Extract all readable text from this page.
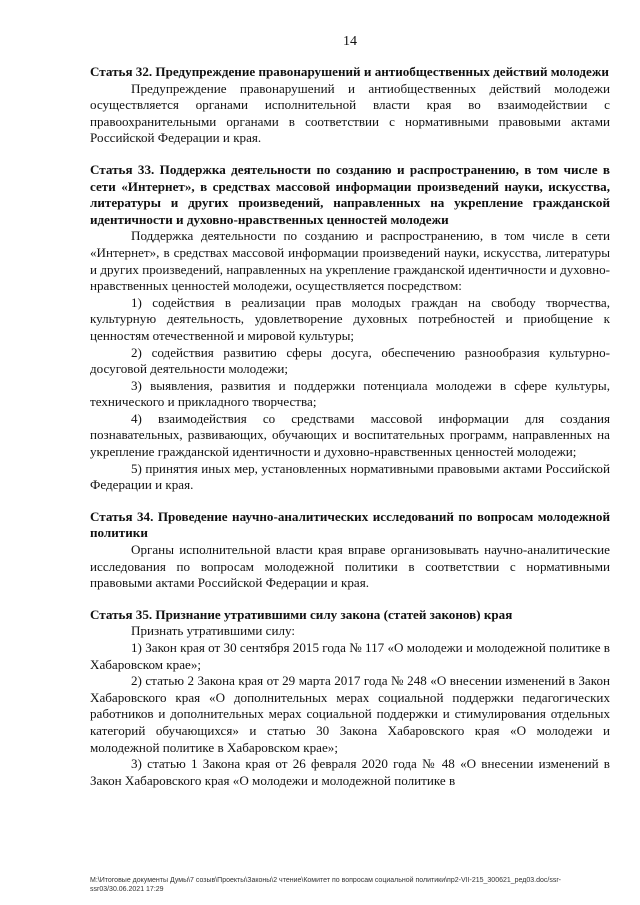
14
Статья 32. Предупреждение правонарушений и антиобщественных действий молодежи
Предупреждение правонарушений и антиобщественных действий молодежи осуществляется органами исполнительной власти края во взаимодействии с правоохранительными органами в соответствии с нормативными правовыми актами Российской Федерации и края.
Статья 33. Поддержка деятельности по созданию и распространению, в том числе в сети «Интернет», в средствах массовой информации произведений науки, искусства, литературы и других произведений, направленных на укрепление гражданской идентичности и духовно-нравственных ценностей молодежи
Поддержка деятельности по созданию и распространению, в том числе в сети «Интернет», в средствах массовой информации произведений науки, искусства, литературы и других произведений, направленных на укрепление гражданской идентичности и духовно-нравственных ценностей молодежи, осуществляется посредством:
1) содействия в реализации прав молодых граждан на свободу творчества, культурную деятельность, удовлетворение духовных потребностей и приобщение к ценностям отечественной и мировой культуры;
2) содействия развитию сферы досуга, обеспечению разнообразия культурно-досуговой деятельности молодежи;
3) выявления, развития и поддержки потенциала молодежи в сфере культуры, технического и прикладного творчества;
4) взаимодействия со средствами массовой информации для создания познавательных, развивающих, обучающих и воспитательных программ, направленных на укрепление гражданской идентичности и духовно-нравственных ценностей молодежи;
5) принятия иных мер, установленных нормативными правовыми актами Российской Федерации и края.
Статья 34. Проведение научно-аналитических исследований по вопросам молодежной политики
Органы исполнительной власти края вправе организовывать научно-аналитические исследования по вопросам молодежной политики в соответствии с нормативными правовыми актами Российской Федерации и края.
Статья 35. Признание утратившими силу закона (статей законов) края
Признать утратившими силу:
1) Закон края от 30 сентября 2015 года № 117 «О молодежи и молодежной политике в Хабаровском крае»;
2) статью 2 Закона края от 29 марта 2017 года № 248 «О внесении изменений в Закон Хабаровского края «О дополнительных мерах социальной поддержки педагогических работников и дополнительных мерах социальной поддержки и стимулирования отдельных категорий обучающихся» и статью 30 Закона Хабаровского края «О молодежи и молодежной политике в Хабаровском крае»;
3) статью 1 Закона края от 26 февраля 2020 года № 48 «О внесении изменений в Закон Хабаровского края «О молодежи и молодежной политике в
M:\Итоговые документы Думы\7 созыв\Проекты\Законы\2 чтение\Комитет по вопросам социальной политики\пр2-VII-215_300621_ред03.doc/ssr-ssr03/30.06.2021 17:29
